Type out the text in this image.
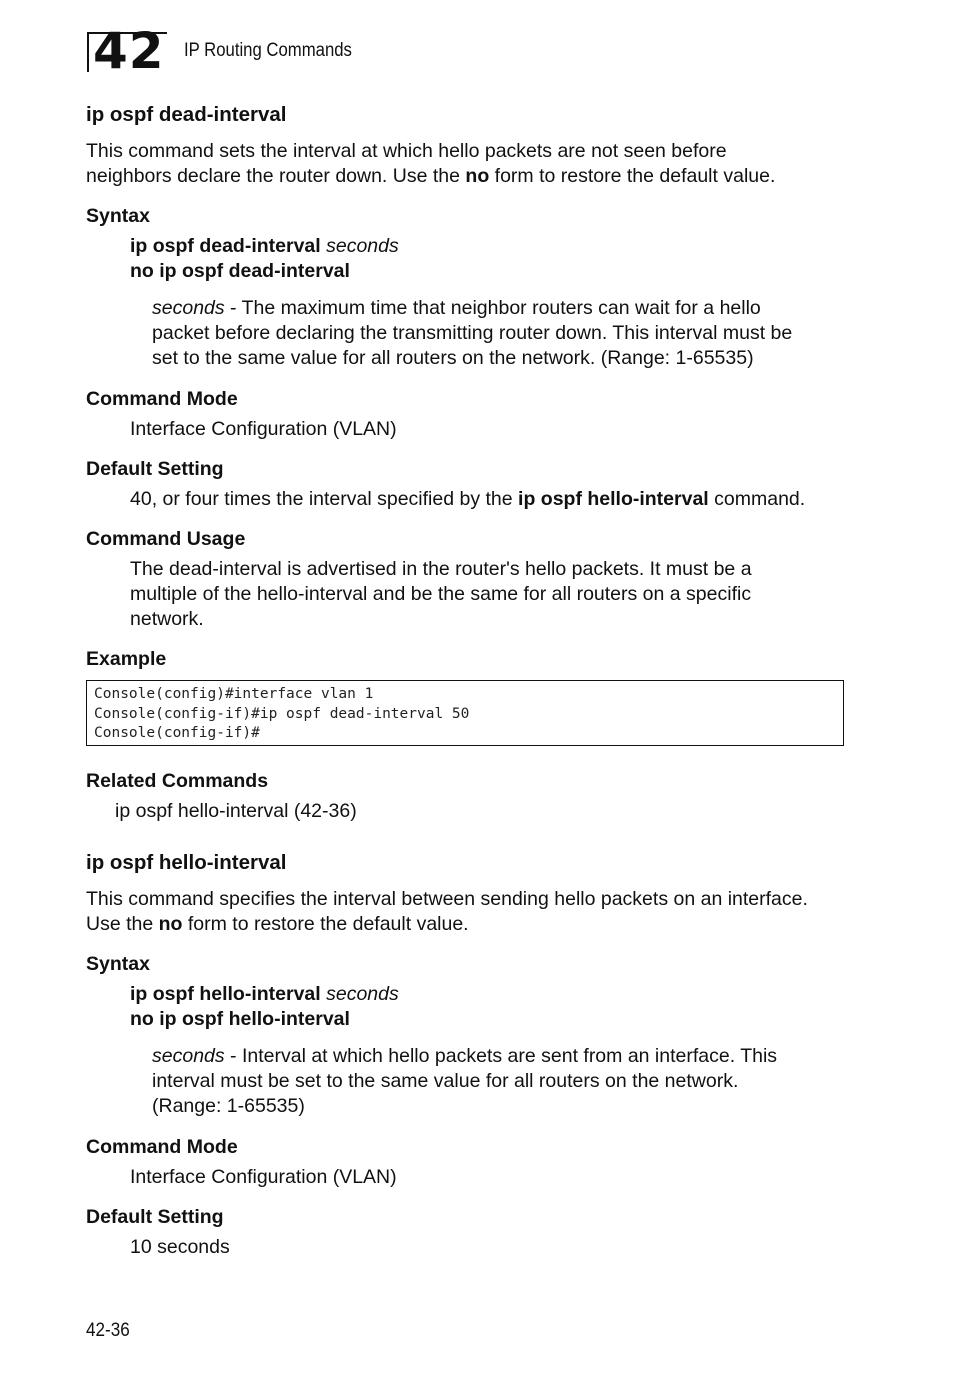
42 IP Routing Commands
ip ospf dead-interval
This command sets the interval at which hello packets are not seen before
neighbors declare the router down. Use the no form to restore the default value.
Syntax
ip ospf dead-interval seconds
no ip ospf dead-interval
seconds - The maximum time that neighbor routers can wait for a hello
packet before declaring the transmitting router down. This interval must be
set to the same value for all routers on the network. (Range: 1-65535)
Command Mode
Interface Configuration (VLAN)
Default Setting
40, or four times the interval specified by the ip ospf hello-interval command.
Command Usage
The dead-interval is advertised in the router's hello packets. It must be a
multiple of the hello-interval and be the same for all routers on a specific
network.
Example
Console(config)#interface vlan 1
Console(config-if)#ip ospf dead-interval 50
Console(config-if)#
Related Commands
ip ospf hello-interval (42-36)
ip ospf hello-interval
This command specifies the interval between sending hello packets on an interface.
Use the no form to restore the default value.
Syntax
ip ospf hello-interval seconds
no ip ospf hello-interval
seconds - Interval at which hello packets are sent from an interface. This
interval must be set to the same value for all routers on the network.
(Range: 1-65535)
Command Mode
Interface Configuration (VLAN)
Default Setting
10 seconds
42-36
